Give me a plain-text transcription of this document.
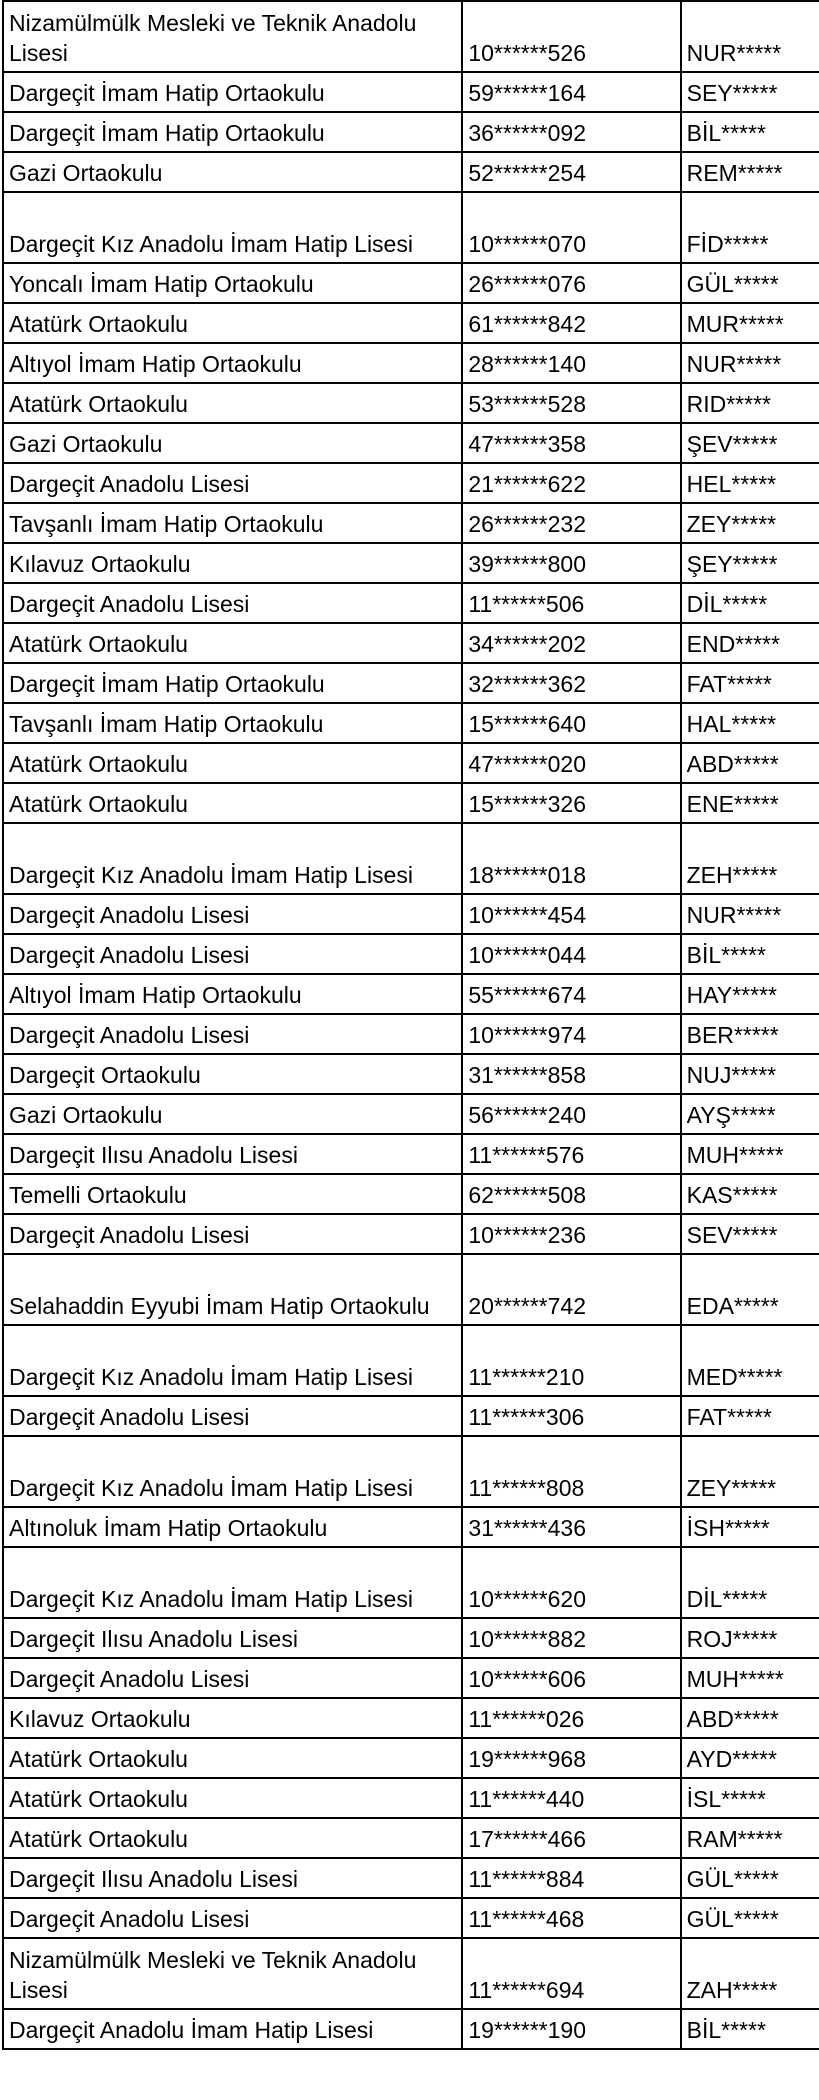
Nizamülmülk Mesleki ve Teknik Anadolu Lisesi	10******526	NUR*****
Dargeçit İmam Hatip Ortaokulu	59******164	SEY*****
Dargeçit İmam Hatip Ortaokulu	36******092	BİL*****
Gazi Ortaokulu	52******254	REM*****
Dargeçit Kız Anadolu İmam Hatip Lisesi	10******070	FİD*****
Yoncalı İmam Hatip Ortaokulu	26******076	GÜL*****
Atatürk Ortaokulu	61******842	MUR*****
Altıyol İmam Hatip Ortaokulu	28******140	NUR*****
Atatürk Ortaokulu	53******528	RID*****
Gazi Ortaokulu	47******358	ŞEV*****
Dargeçit Anadolu Lisesi	21******622	HEL*****
Tavşanlı İmam Hatip Ortaokulu	26******232	ZEY*****
Kılavuz Ortaokulu	39******800	ŞEY*****
Dargeçit Anadolu Lisesi	11******506	DİL*****
Atatürk Ortaokulu	34******202	END*****
Dargeçit İmam Hatip Ortaokulu	32******362	FAT*****
Tavşanlı İmam Hatip Ortaokulu	15******640	HAL*****
Atatürk Ortaokulu	47******020	ABD*****
Atatürk Ortaokulu	15******326	ENE*****
Dargeçit Kız Anadolu İmam Hatip Lisesi	18******018	ZEH*****
Dargeçit Anadolu Lisesi	10******454	NUR*****
Dargeçit Anadolu Lisesi	10******044	BİL*****
Altıyol İmam Hatip Ortaokulu	55******674	HAY*****
Dargeçit Anadolu Lisesi	10******974	BER*****
Dargeçit Ortaokulu	31******858	NUJ*****
Gazi Ortaokulu	56******240	AYŞ*****
Dargeçit Ilısu Anadolu Lisesi	11******576	MUH*****
Temelli Ortaokulu	62******508	KAS*****
Dargeçit Anadolu Lisesi	10******236	SEV*****
Selahaddin Eyyubi İmam Hatip Ortaokulu	20******742	EDA*****
Dargeçit Kız Anadolu İmam Hatip Lisesi	11******210	MED*****
Dargeçit Anadolu Lisesi	11******306	FAT*****
Dargeçit Kız Anadolu İmam Hatip Lisesi	11******808	ZEY*****
Altınoluk İmam Hatip Ortaokulu	31******436	İSH*****
Dargeçit Kız Anadolu İmam Hatip Lisesi	10******620	DİL*****
Dargeçit Ilısu Anadolu Lisesi	10******882	ROJ*****
Dargeçit Anadolu Lisesi	10******606	MUH*****
Kılavuz Ortaokulu	11******026	ABD*****
Atatürk Ortaokulu	19******968	AYD*****
Atatürk Ortaokulu	11******440	İSL*****
Atatürk Ortaokulu	17******466	RAM*****
Dargeçit Ilısu Anadolu Lisesi	11******884	GÜL*****
Dargeçit Anadolu Lisesi	11******468	GÜL*****
Nizamülmülk Mesleki ve Teknik Anadolu Lisesi	11******694	ZAH*****
Dargeçit Anadolu İmam Hatip Lisesi	19******190	BİL*****
